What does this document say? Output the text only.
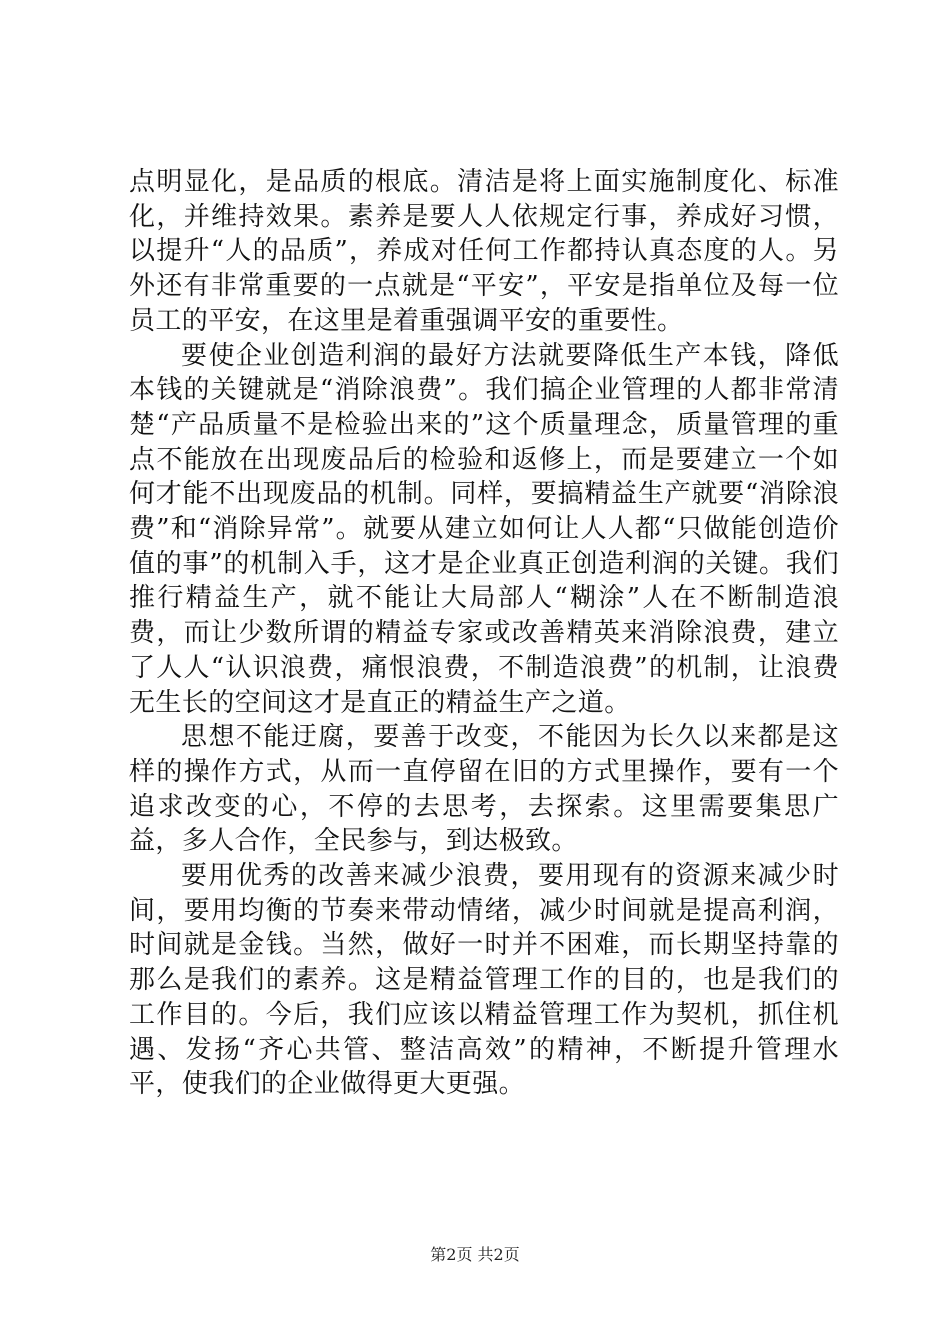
点明显化，是品质的根底。清洁是将上面实施制度化、标准化，并维持效果。素养是要人人依规定行事，养成好习惯，以提升“人的品质”，养成对任何工作都持认真态度的人。另外还有非常重要的一点就是“平安”，平安是指单位及每一位员工的平安，在这里是着重强调平安的重要性。

要使企业创造利润的最好方法就要降低生产本钱，降低本钱的关键就是“消除浪费”。我们搞企业管理的人都非常清楚“产品质量不是检验出来的”这个质量理念，质量管理的重点不能放在出现废品后的检验和返修上，而是要建立一个如何才能不出现废品的机制。同样，要搞精益生产就要“消除浪费”和“消除异常”。就要从建立如何让人人都“只做能创造价值的事”的机制入手，这才是企业真正创造利润的关键。我们推行精益生产，就不能让大局部人“糊涂”人在不断制造浪费，而让少数所谓的精益专家或改善精英来消除浪费，建立了人人“认识浪费，痛恨浪费，不制造浪费”的机制，让浪费无生长的空间这才是直正的精益生产之道。

思想不能迂腐，要善于改变，不能因为长久以来都是这样的操作方式，从而一直停留在旧的方式里操作，要有一个追求改变的心，不停的去思考，去探索。这里需要集思广益，多人合作，全民参与，到达极致。

要用优秀的改善来减少浪费，要用现有的资源来减少时间，要用均衡的节奏来带动情绪，减少时间就是提高利润，时间就是金钱。当然，做好一时并不困难，而长期坚持靠的那么是我们的素养。这是精益管理工作的目的，也是我们的工作目的。今后，我们应该以精益管理工作为契机，抓住机遇、发扬“齐心共管、整洁高效”的精神，不断提升管理水平，使我们的企业做得更大更强。

第2页 共2页
